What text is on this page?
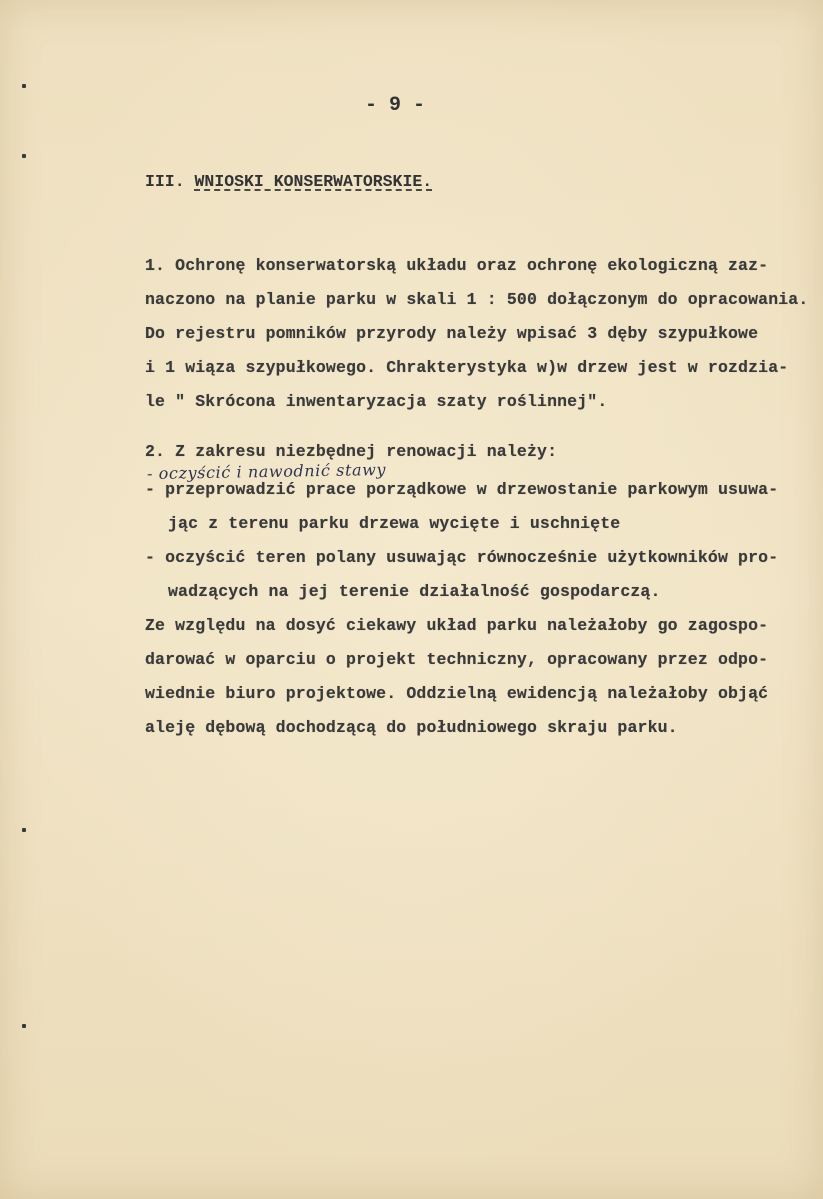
- 9 -
III. WNIOSKI KONSERWATORSKIE.
1. Ochronę konserwatorską układu oraz ochronę ekologiczną zaz-
naczono na planie parku w skali 1 : 500 dołączonym do opracowania.
Do rejestru pomników przyrody należy wpisać 3 dęby szypułkowe
i 1 wiąza szypułkowego. Chrakterystyka w)w drzew jest w rozdzia-
le " Skrócona inwentaryzacja szaty roślinnej".
2. Z zakresu niezbędnej renowacji należy:
- oczyścić i nawodnić stawy
- przeprowadzić prace porządkowe w drzewostanie parkowym usuwa-
jąc z terenu parku drzewa wycięte i uschnięte
- oczyścić teren polany usuwając równocześnie użytkowników pro-
wadzących na jej terenie działalność gospodarczą.
Ze względu na dosyć ciekawy układ parku należałoby go zagospo-
darować w oparciu o projekt techniczny, opracowany przez odpo-
wiednie biuro projektowe. Oddzielną ewidencją należałoby objąć
aleję dębową dochodzącą do południowego skraju parku.
